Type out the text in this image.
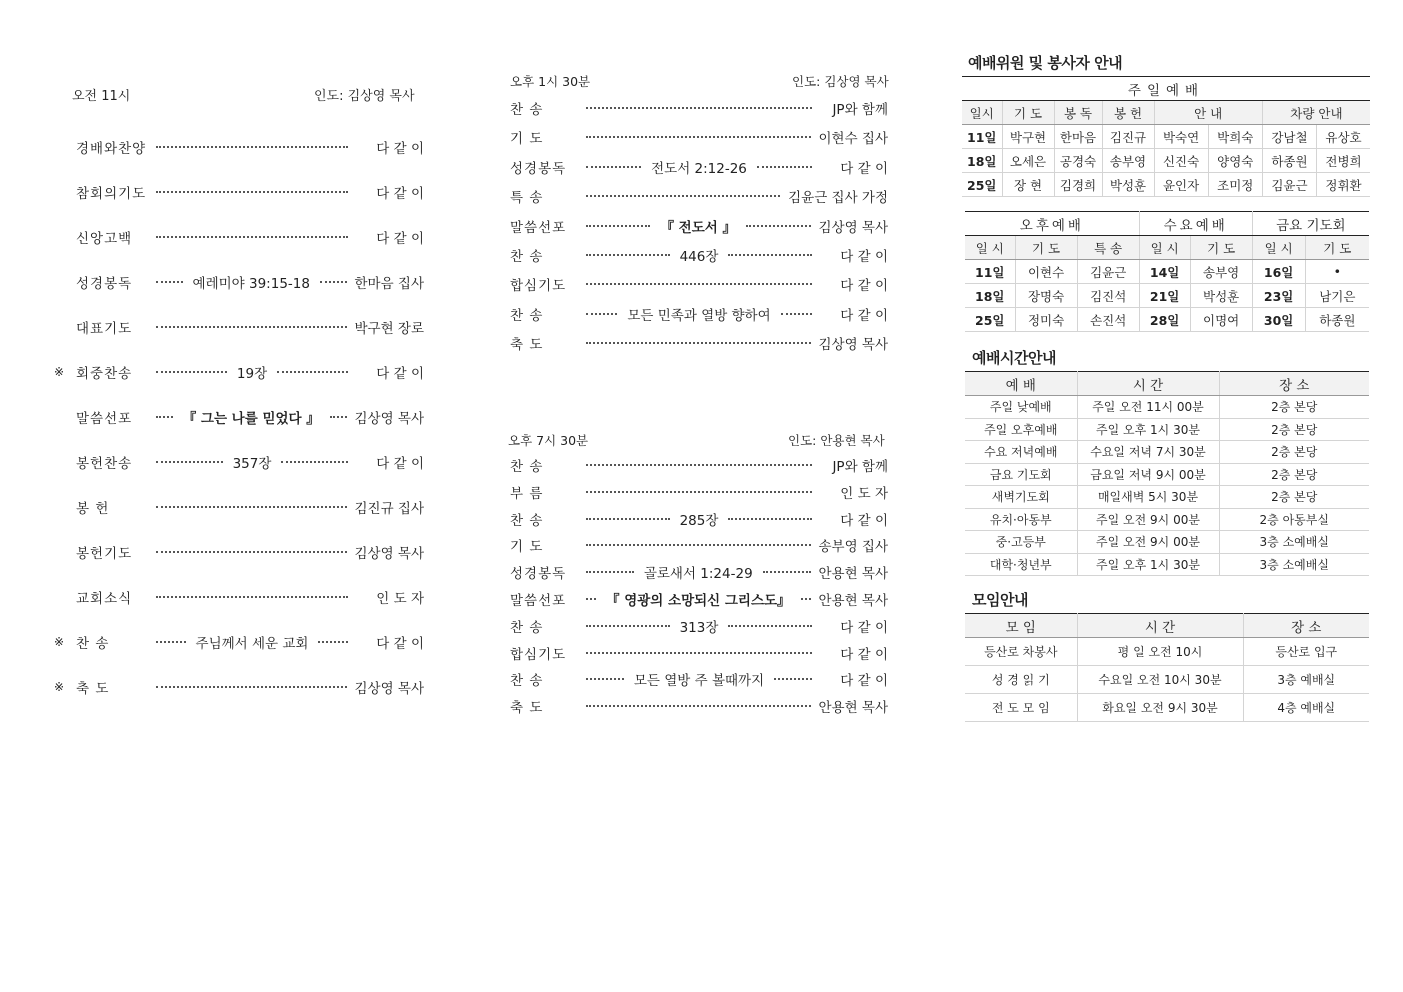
오전 11시	인도: 김상영 목사
경배와찬양	다 같 이
참회의기도	다 같 이
신앙고백	다 같 이
성경봉독	예레미야 39:15-18	한마음 집사
대표기도	박구현 장로
※ 회중찬송	19장	다 같 이
말씀선포	『 그는 나를 믿었다 』	김상영 목사
봉헌찬송	357장	다 같 이
봉 헌	김진규 집사
봉헌기도	김상영 목사
교회소식	인 도 자
※ 찬 송	주님께서 세운 교회	다 같 이
※ 축 도	김상영 목사
오후 1시 30분	인도: 김상영 목사
찬 송	JP와 함께
기 도	이현수 집사
성경봉독	전도서 2:12-26	다 같 이
특 송	김윤근 집사 가정
말씀선포	『 전도서 』	김상영 목사
찬 송	446장	다 같 이
합심기도	다 같 이
찬 송	모든 민족과 열방 향하여	다 같 이
축 도	김상영 목사
오후 7시 30분	인도: 안용현 목사
찬 송	JP와 함께
부 름	인 도 자
찬 송	285장	다 같 이
기 도	송부영 집사
성경봉독	골로새서 1:24-29	안용현 목사
말씀선포	『 영광의 소망되신 그리스도』	안용현 목사
찬 송	313장	다 같 이
합심기도	다 같 이
찬 송	모든 열방 주 볼때까지	다 같 이
축 도	안용현 목사
예배위원 및 봉사자 안내
주일예배							
일시	기 도	봉 독	봉 헌	안 내		차량 안내	
11일	박구현	한마음	김진규	박숙연	박희숙	강남철	유상호
18일	오세은	공경숙	송부영	신진숙	양영숙	하종원	전병희
25일	장 현	김경희	박성훈	윤인자	조미정	김윤근	정휘환
오후예배			수요예배		금요 기도회	
일 시	기 도	특 송	일 시	기 도	일 시	기 도
11일	이현수	김윤근	14일	송부영	16일	•
18일	장명숙	김진석	21일	박성훈	23일	남기은
25일	정미숙	손진석	28일	이명여	30일	하종원
예배시간안내
예 배	시 간	장 소
주일 낮예배	주일 오전 11시 00분	2층 본당
주일 오후예배	주일 오후 1시 30분	2층 본당
수요 저녁예배	수요일 저녁 7시 30분	2층 본당
금요 기도회	금요일 저녁 9시 00분	2층 본당
새벽기도회	매일새벽 5시 30분	2층 본당
유치·아동부	주일 오전 9시 00분	2층 아동부실
중·고등부	주일 오전 9시 00분	3층 소예배실
대학·청년부	주일 오후 1시 30분	3층 소예배실
모임안내
모 임	시 간	장 소
등산로 차봉사	평 일 오전 10시	등산로 입구
성 경 읽 기	수요일 오전 10시 30분	3층 예배실
전 도 모 임	화요일 오전 9시 30분	4층 예배실
